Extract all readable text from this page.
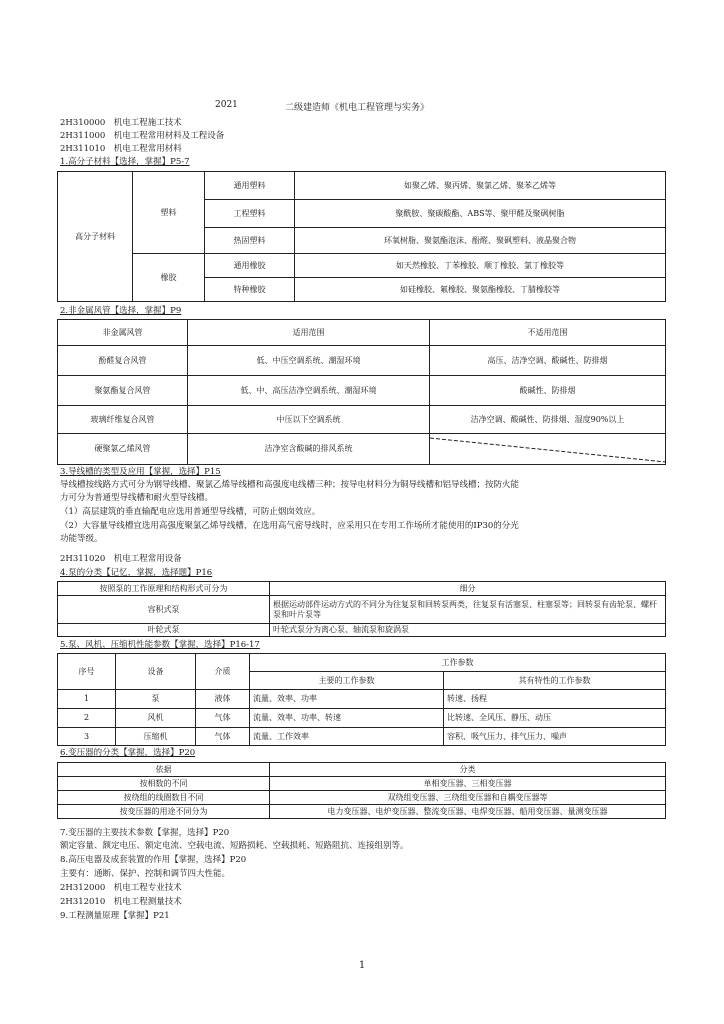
2021	二级建造师《机电工程管理与实务》
2H310000　机电工程施工技术
2H311000　机电工程常用材料及工程设备
2H311010　机电工程常用材料
1.高分子材料【选择，掌握】P5-7
高分子材料	塑料	通用塑料	如聚乙烯、聚丙烯、聚氯乙烯、聚苯乙烯等
		工程塑料	聚酰胺、聚碳酸酯、ABS等、聚甲醛及聚砜树脂
		热固塑料	环氧树脂、聚氨酯泡沫、酚醛、聚砜塑料、液晶聚合物
	橡胶	通用橡胶	如天然橡胶、丁苯橡胶、顺丁橡胶、氯丁橡胶等
		特种橡胶	如硅橡胶、氟橡胶、聚氨酯橡胶、丁腈橡胶等
2.非金属风管【选择，掌握】P9
非金属风管	适用范围	不适用范围
酚醛复合风管	低、中压空调系统、潮湿环境	高压、洁净空调、酸碱性、防排烟
聚氨酯复合风管	低、中、高压洁净空调系统、潮湿环境	酸碱性、防排烟
玻璃纤维复合风管	中压以下空调系统	洁净空调、酸碱性、防排烟、湿度90%以上
硬聚氯乙烯风管	洁净室含酸碱的排风系统	
3.导线槽的类型及应用【掌握，选择】P15
导线槽按线路方式可分为钢导线槽、聚氯乙烯导线槽和高强度电线槽三种；按导电材料分为铜导线槽和铝导线槽；按防火能
力可分为普通型导线槽和耐火型导线槽。
（1）高层建筑的垂直输配电应选用普通型导线槽，可防止烟囱效应。
（2）大容量导线槽宜选用高强度聚氯乙烯导线槽，在选用高气密导线时，应采用只在专用工作场所才能使用的IP30的分光
功能等级。
2H311020　机电工程常用设备
4.泵的分类【记忆，掌握，选择题】P16
按照泵的工作原理和结构形式可分为	细分
容积式泵	根据运动部件运动方式的不同分为往复泵和回转泵两类，往复泵有活塞泵、柱塞泵等；回转泵有齿轮泵、螺杆泵和叶片泵等
叶轮式泵	叶轮式泵分为离心泵、轴流泵和旋涡泵
5.泵、风机、压缩机性能参数【掌握，选择】P16-17
序号	设备	介质	工作参数	
			主要的工作参数	其有特性的工作参数
1	泵	液体	流量、效率、功率	转速、扬程
2	风机	气体	流量、效率、功率、转速	比转速、全风压、静压、动压
3	压缩机	气体	流量、工作效率	容积、吸气压力、排气压力、噪声
6.变压器的分类【掌握，选择】P20
依据	分类
按相数的不同	单相变压器、三相变压器
按绕组的线圈数目不同	双绕组变压器、三绕组变压器和自耦变压器等
按变压器的用途不同分为	电力变压器、电炉变压器、整流变压器、电焊变压器、船用变压器、量测变压器
7.变压器的主要技术参数【掌握，选择】P20
额定容量、额定电压、额定电流、空载电流、短路损耗、空载损耗、短路阻抗、连接组别等。
8.高压电器及成套装置的作用【掌握，选择】P20
主要有：通断、保护、控制和调节四大性能。
2H312000　机电工程专业技术
2H312010　机电工程测量技术
9.工程测量原理【掌握】P21
1
